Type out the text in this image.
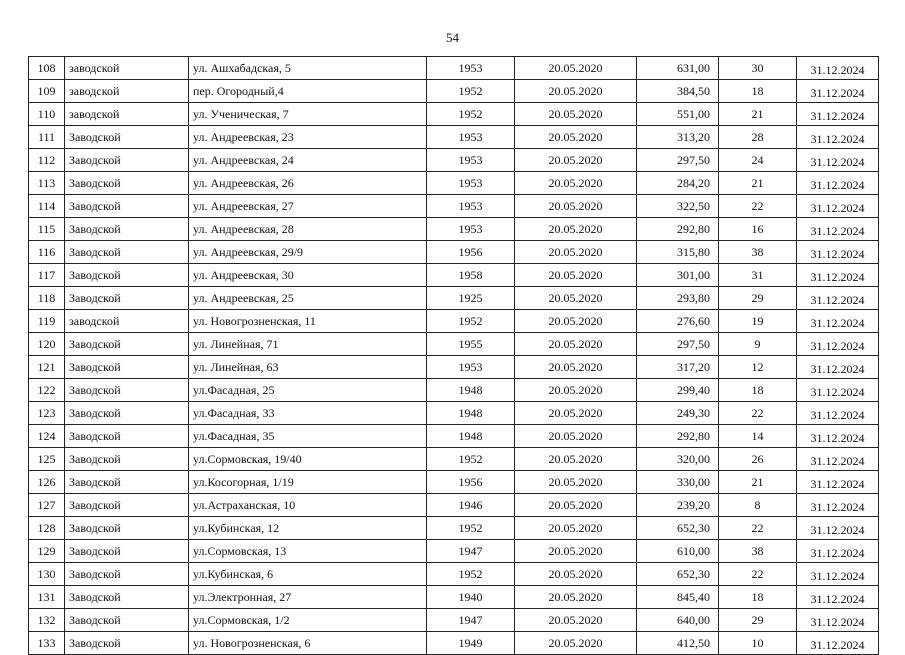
54
108	заводской	ул. Ашхабадская, 5	1953	20.05.2020	631,00	30	31.12.2024
109	заводской	пер. Огородный,4	1952	20.05.2020	384,50	18	31.12.2024
110	заводской	ул. Ученическая, 7	1952	20.05.2020	551,00	21	31.12.2024
111	Заводской	ул. Андреевская, 23	1953	20.05.2020	313,20	28	31.12.2024
112	Заводской	ул. Андреевская, 24	1953	20.05.2020	297,50	24	31.12.2024
113	Заводской	ул. Андреевская, 26	1953	20.05.2020	284,20	21	31.12.2024
114	Заводской	ул. Андреевская, 27	1953	20.05.2020	322,50	22	31.12.2024
115	Заводской	ул. Андреевская, 28	1953	20.05.2020	292,80	16	31.12.2024
116	Заводской	ул. Андреевская, 29/9	1956	20.05.2020	315,80	38	31.12.2024
117	Заводской	ул. Андреевская, 30	1958	20.05.2020	301,00	31	31.12.2024
118	Заводской	ул. Андреевская, 25	1925	20.05.2020	293,80	29	31.12.2024
119	заводской	ул. Новогрозненская, 11	1952	20.05.2020	276,60	19	31.12.2024
120	Заводской	ул. Линейная, 71	1955	20.05.2020	297,50	9	31.12.2024
121	Заводской	ул. Линейная, 63	1953	20.05.2020	317,20	12	31.12.2024
122	Заводской	ул.Фасадная, 25	1948	20.05.2020	299,40	18	31.12.2024
123	Заводской	ул.Фасадная, 33	1948	20.05.2020	249,30	22	31.12.2024
124	Заводской	ул.Фасадная, 35	1948	20.05.2020	292,80	14	31.12.2024
125	Заводской	ул.Сормовская, 19/40	1952	20.05.2020	320,00	26	31.12.2024
126	Заводской	ул.Косогорная, 1/19	1956	20.05.2020	330,00	21	31.12.2024
127	Заводской	ул.Астраханская, 10	1946	20.05.2020	239,20	8	31.12.2024
128	Заводской	ул.Кубинская, 12	1952	20.05.2020	652,30	22	31.12.2024
129	Заводской	ул.Сормовская, 13	1947	20.05.2020	610,00	38	31.12.2024
130	Заводской	ул.Кубинская, 6	1952	20.05.2020	652,30	22	31.12.2024
131	Заводской	ул.Электронная, 27	1940	20.05.2020	845,40	18	31.12.2024
132	Заводской	ул.Сормовская, 1/2	1947	20.05.2020	640,00	29	31.12.2024
133	Заводской	ул. Новогрозненская, 6	1949	20.05.2020	412,50	10	31.12.2024
